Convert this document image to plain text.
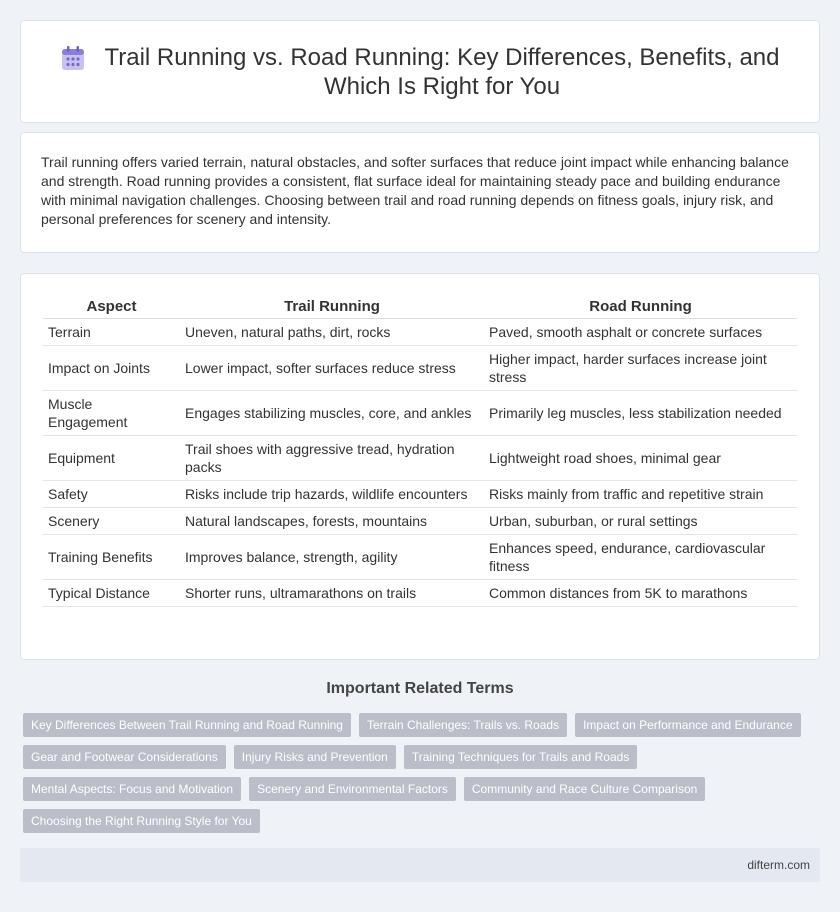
Trail Running vs. Road Running: Key Differences, Benefits, and Which Is Right for You

Trail running offers varied terrain, natural obstacles, and softer surfaces that reduce joint impact while enhancing balance and strength. Road running provides a consistent, flat surface ideal for maintaining steady pace and building endurance with minimal navigation challenges. Choosing between trail and road running depends on fitness goals, injury risk, and personal preferences for scenery and intensity.

Aspect	Trail Running	Road Running
Terrain	Uneven, natural paths, dirt, rocks	Paved, smooth asphalt or concrete surfaces
Impact on Joints	Lower impact, softer surfaces reduce stress	Higher impact, harder surfaces increase joint stress
Muscle Engagement	Engages stabilizing muscles, core, and ankles	Primarily leg muscles, less stabilization needed
Equipment	Trail shoes with aggressive tread, hydration packs	Lightweight road shoes, minimal gear
Safety	Risks include trip hazards, wildlife encounters	Risks mainly from traffic and repetitive strain
Scenery	Natural landscapes, forests, mountains	Urban, suburban, or rural settings
Training Benefits	Improves balance, strength, agility	Enhances speed, endurance, cardiovascular fitness
Typical Distance	Shorter runs, ultramarathons on trails	Common distances from 5K to marathons
Important Related Terms
Key Differences Between Trail Running and Road Running	Terrain Challenges: Trails vs. Roads	Impact on Performance and Endurance
Gear and Footwear Considerations	Injury Risks and Prevention	Training Techniques for Trails and Roads
Mental Aspects: Focus and Motivation	Scenery and Environmental Factors	Community and Race Culture Comparison
Choosing the Right Running Style for You
difterm.com
